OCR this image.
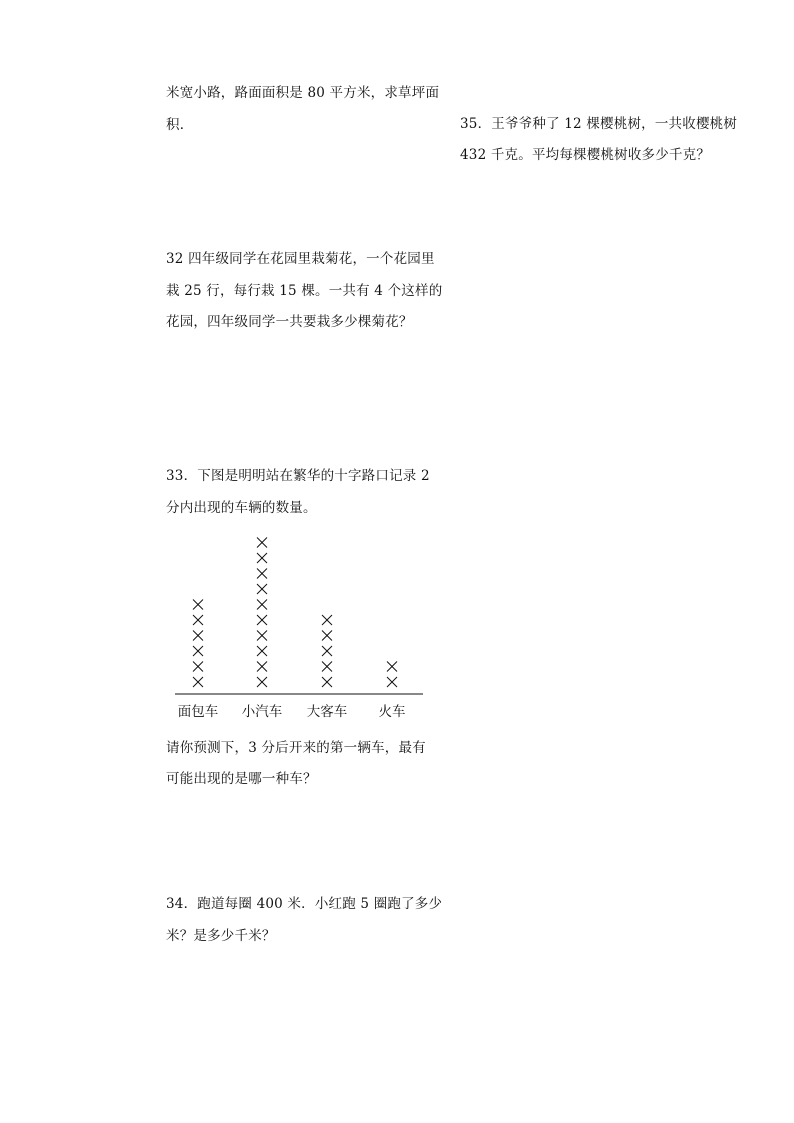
米宽小路，路面面积是 80 平方米，求草坪面
积．	35．王爷爷种了 12 棵樱桃树，一共收樱桃树
432 千克。平均每棵樱桃树收多少千克？
32 四年级同学在花园里栽菊花，一个花园里
栽 25 行，每行栽 15 棵。一共有 4 个这样的
花园，四年级同学一共要栽多少棵菊花？
33．下图是明明站在繁华的十字路口记录 2
分内出现的车辆的数量。
面包车 小汽车 大客车 火车
请你预测下，3 分后开来的第一辆车，最有
可能出现的是哪一种车？
34．跑道每圈 400 米．小红跑 5 圈跑了多少
米？是多少千米？
